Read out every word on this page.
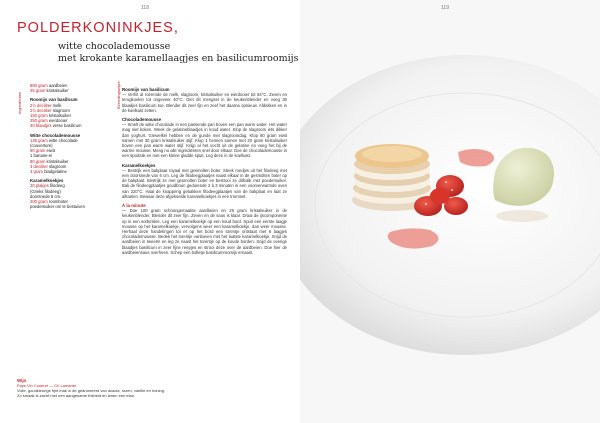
118
POLDERKONINKJES,
witte chocolademousse
met krokante karamellaagjes en basilicumroomijs
Ingrediënten	Bereidingswijze
800 gram aardbeien
25 gram kristalsuiker
Roomijs van basilicum
2½ deciliter melk
2½ deciliter slagroom
150 gram kristalsuiker
250 gram eierdooier
40 blaadjes verse basilicum
Witte chocolademousse
135 gram witte chocolade
(couverture)
80 gram eiwit
1 banane-ei
80 gram kristalsuiker
3 deciliter slagroom
4 gram bladgelatine
Karamelkoekjes
20 plakjes filodeeg
(Grieks filodeeg)
doorsnede 6 cm.
200 gram roomboter
poedersuiker om te bestuiven
Roomijs van basilicum
— Verhit al roerende de melk, slagroom, kristalsuiker en eierdooier tot 84°C. Zeven en terugkoelen tot ongeveer 40°C. Giet dit mengsel in de keukenblender en voeg 30 blaadjes basilicum toe. Blender dit zeer fijn en zeef het daarna opnieuw. Afdekken en in de koelkast zetten.
Chocolademousse
— Smelt de witte chocolade in een passende pan boven een pan warm water. Het water mag niet koken. Week de gelatineblaadjes in koud water. Klop de slagroom iets dikker dan yoghurt. Grewelkel hebben en de gunde met slagroomdag. Klop 80 gram eiwit samen met 30 gram kristalsuiker stijf. Klop 1 heimen samen met 20 gram kristalsuiker boven een pan warm water stijf. Knijp al het vocht uit de gelatine en voeg het bij de warme mousse. Meng nu alle ingrediënten snel door elkaar. Doe de chocolademousse in een spuitzak en met een kleine gladde spuit. Leg deze in de koelkast.
Karamelkoekjes
— Bestrijk een bakplaat royaal met gesmolten boter. Steek rondjes uit het filodeeg met een doorsnede van 6 cm. Leg de filodeegplaatjes naast elkaar in de gesmolten boter op de bakplaat. Bestrijk ze met gesmolten boter en bestrooi ze dithalik met poedersuiker. Bak de filodeegplaatjes goudbruin gedurende 2 à 3 minuten in een voorverwarmde oven van 220°C. Haal de knapperig gebakken filodeegplaatjes van de bakplaat en laat ze afkoelen. Bewaar deze afgekoelde karamelkoekjes in een trommel.
À la minute
— Doe 100 gram schoongemaakte aardbeien en 25 gram kristalsuiker in de keukenblender. Blender dit zeer fijn. Zeven en de saus is klaar. Draai de ijscomponente op in een sorbetière. Leg een karamelkoekje op een koud bord. Spuit een eerste laagje mousse op het karamelkoekje, vervolgens weer een karamelkoekje, dan weer mousse. Herhaal deze handelingen tot er op het bord een torentje ontstaat met 6 laagjes chocolademousse. Bedek het torentje vanboven met het laatste karamelkoekje. Snijd de aardbeien in tweeën en leg ze naast het torentje op de koude borden. Snijd de overige blaadjes basilicum in zeer fijne reepjes en strooi deze over de aardbeien. Doe hier de aardbeiensaus overheen. Schep een bolletje basilicumroomijs ernaast.
Wijn
Pays Vin Coubret — Ch Lamarde
Volle, goudkleurige fijnt mak in de gearomeerd van acacia, rozen, vanille en honing.
Zo smaak is zacht met een aangename frisheid en lenen een elan.
119
